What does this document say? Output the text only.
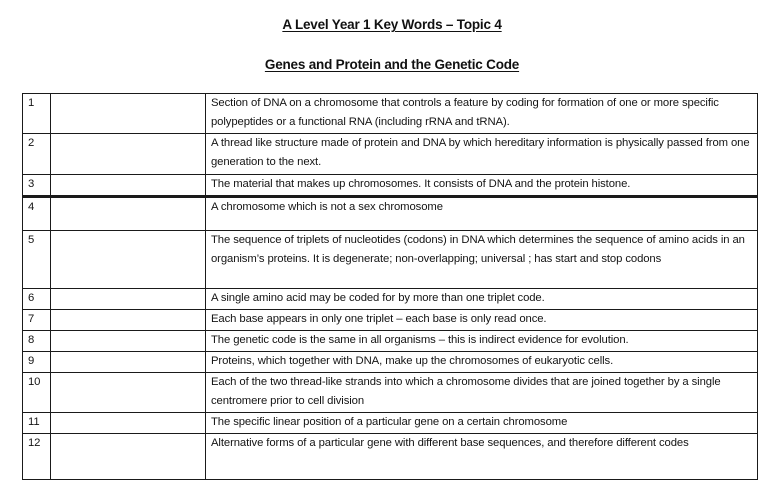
A Level Year 1 Key Words – Topic 4
Genes and Protein and the Genetic Code
1		Section of DNA on a chromosome that controls a feature by coding for formation of one or more specific polypeptides or a functional RNA (including rRNA and tRNA).
2		A thread like structure made of protein and DNA by which hereditary information is physically passed from one generation to the next.
3		The material that makes up chromosomes. It consists of DNA and the protein histone.
4		A chromosome which is not a sex chromosome
5		The sequence of triplets of nucleotides (codons) in DNA which determines the sequence of amino acids in an organism’s proteins. It is degenerate; non-overlapping; universal ; has start and stop codons
6		A single amino acid may be coded for by more than one triplet code.
7		Each base appears in only one triplet – each base is only read once.
8		The genetic code is the same in all organisms – this is indirect evidence for evolution.
9		Proteins, which together with DNA, make up the chromosomes of eukaryotic cells.
10		Each of the two thread-like strands into which a chromosome divides that are joined together by a single centromere prior to cell division
11		The specific linear position of a particular gene on a certain chromosome
12		Alternative forms of a particular gene with different base sequences, and therefore different codes
